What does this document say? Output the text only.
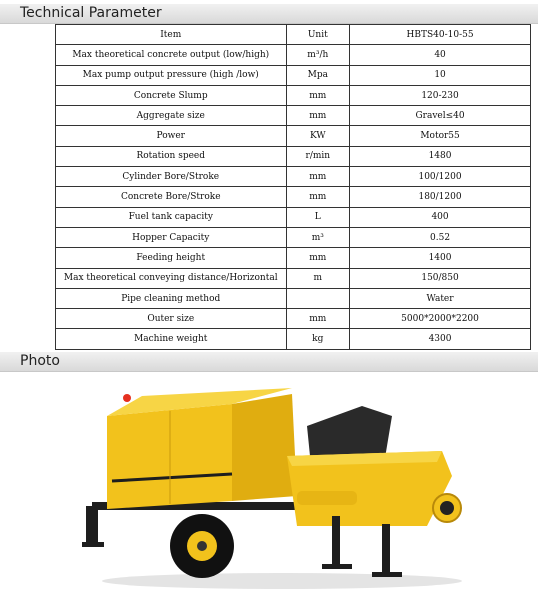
Technical Parameter
Item	Unit	HBTS40-10-55
Max theoretical concrete output (low/high)	m³/h	40
Max pump output pressure (high /low)	Mpa	10
Concrete Slump	mm	120-230
Aggregate size	mm	Gravel≤40
Power	KW	Motor55
Rotation speed	r/min	1480
Cylinder Bore/Stroke	mm	100/1200
Concrete Bore/Stroke	mm	180/1200
Fuel tank capacity	L	400
Hopper Capacity	m³	0.52
Feeding height	mm	1400
Max theoretical conveying distance/Horizontal	m	150/850
Pipe cleaning method		Water
Outer size	mm	5000*2000*2200
Machine weight	kg	4300
Photo
